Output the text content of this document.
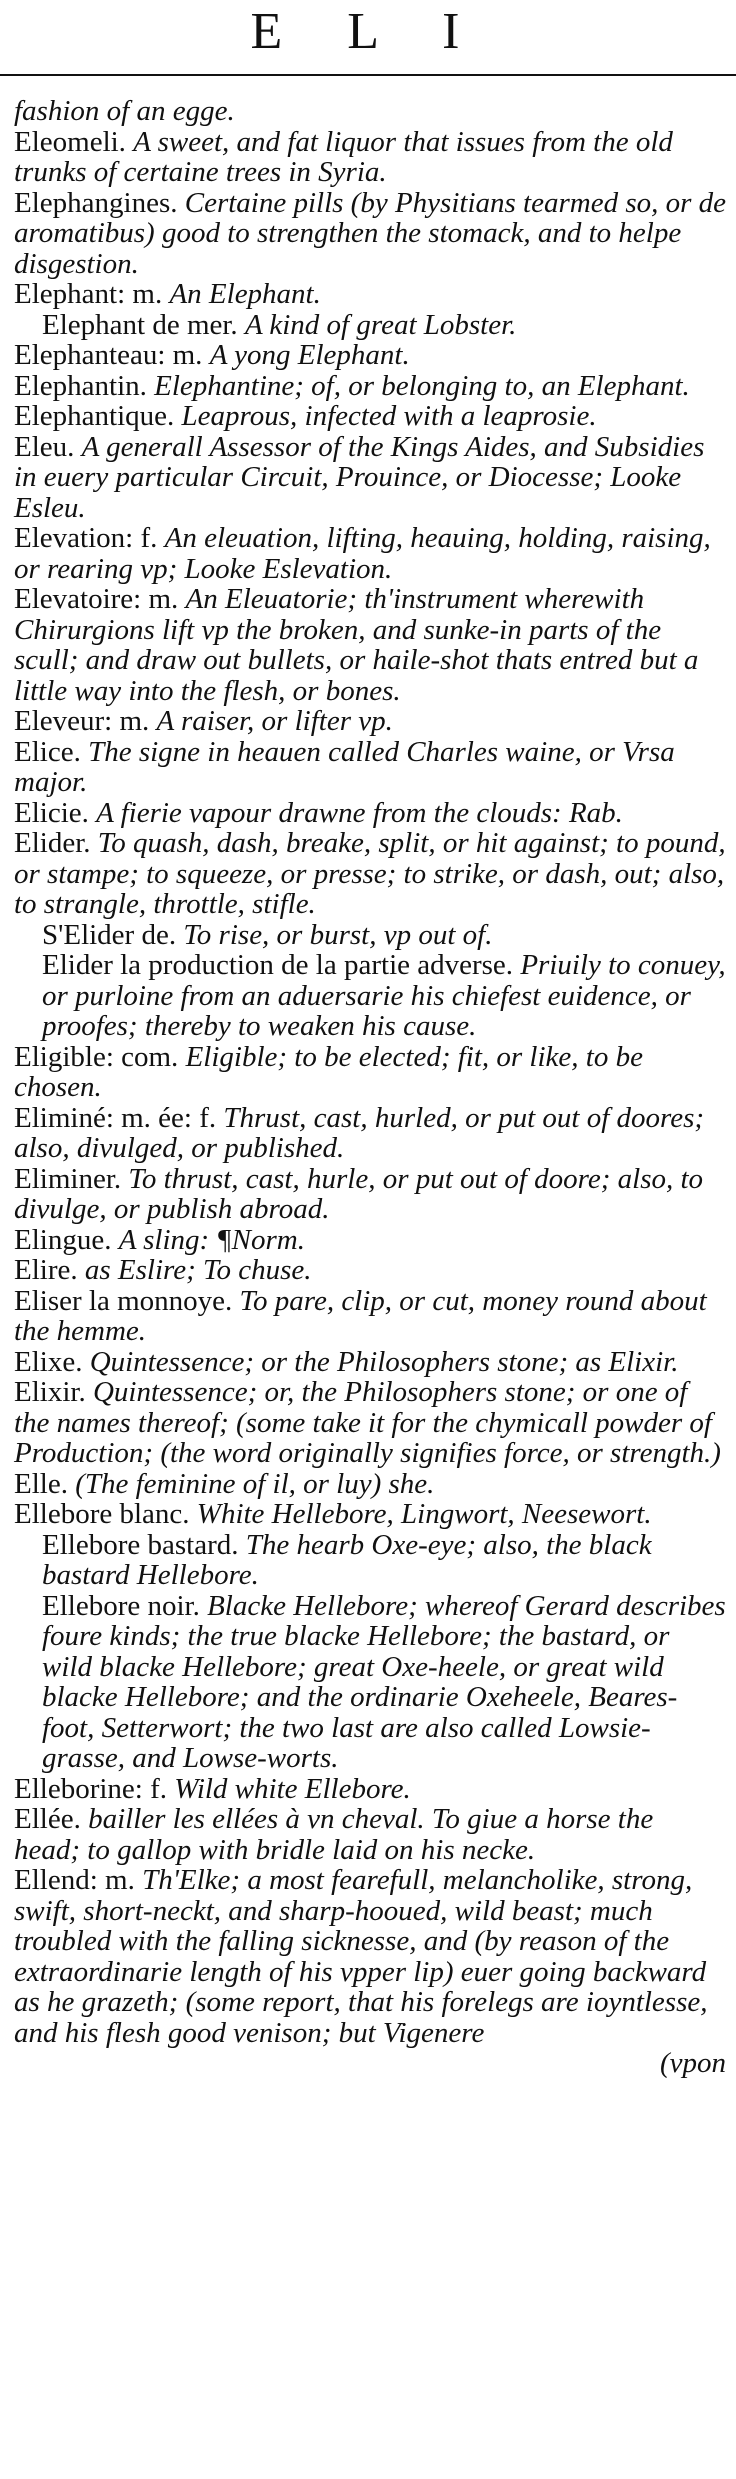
E L I

fashion of an egge.

Eleomeli. A sweet, and fat liquor that issues from the old trunks of certaine trees in Syria.

Elephangines. Certaine pills (by Physitians tearmed so, or de aromatibus) good to strengthen the stomack, and to helpe disgestion.

Elephant: m. An Elephant.

Elephant de mer. A kind of great Lobster.

Elephanteau: m. A yong Elephant.

Elephantin. Elephantine; of, or belonging to, an Elephant.

Elephantique. Leaprous, infected with a leaprosie.

Eleu. A generall Assessor of the Kings Aides, and Subsidies in euery particular Circuit, Prouince, or Diocesse; Looke Esleu.

Elevation: f. An eleuation, lifting, heauing, holding, raising, or rearing vp; Looke Eslevation.

Elevatoire: m. An Eleuatorie; th'instrument wherewith Chirurgions lift vp the broken, and sunke-in parts of the scull; and draw out bullets, or haile-shot thats entred but a little way into the flesh, or bones.

Eleveur: m. A raiser, or lifter vp.

Elice. The signe in heauen called Charles waine, or Vrsa major.

Elicie. A fierie vapour drawne from the clouds: Rab.

Elider. To quash, dash, breake, split, or hit against; to pound, or stampe; to squeeze, or presse; to strike, or dash, out; also, to strangle, throttle, stifle.

S'Elider de. To rise, or burst, vp out of.

Elider la production de la partie adverse. Priuily to conuey, or purloine from an aduersarie his chiefest euidence, or proofes; thereby to weaken his cause.

Eligible: com. Eligible; to be elected; fit, or like, to be chosen.

Eliminé: m. ée: f. Thrust, cast, hurled, or put out of doores; also, divulged, or published.

Eliminer. To thrust, cast, hurle, or put out of doore; also, to divulge, or publish abroad.

Elingue. A sling: ¶Norm.

Elire. as Eslire; To chuse.

Eliser la monnoye. To pare, clip, or cut, money round about the hemme.

Elixe. Quintessence; or the Philosophers stone; as Elixir.

Elixir. Quintessence; or, the Philosophers stone; or one of the names thereof; (some take it for the chymicall powder of Production; (the word originally signifies force, or strength.)

Elle. (The feminine of il, or luy) she.

Ellebore blanc. White Hellebore, Lingwort, Neesewort.

Ellebore bastard. The hearb Oxe-eye; also, the black bastard Hellebore.

Ellebore noir. Blacke Hellebore; whereof Gerard describes foure kinds; the true blacke Hellebore; the bastard, or wild blacke Hellebore; great Oxe-heele, or great wild blacke Hellebore; and the ordinarie Oxeheele, Beares-foot, Setterwort; the two last are also called Lowsie-grasse, and Lowse-worts.

Elleborine: f. Wild white Ellebore.

Ellée. bailler les ellées à vn cheval. To giue a horse the head; to gallop with bridle laid on his necke.

Ellend: m. Th'Elke; a most fearefull, melancholike, strong, swift, short-neckt, and sharp-hooued, wild beast; much troubled with the falling sicknesse, and (by reason of the extraordinarie length of his vpper lip) euer going backward as he grazeth; (some report, that his forelegs are ioyntlesse, and his flesh good venison; but Vigenere

(vpon
